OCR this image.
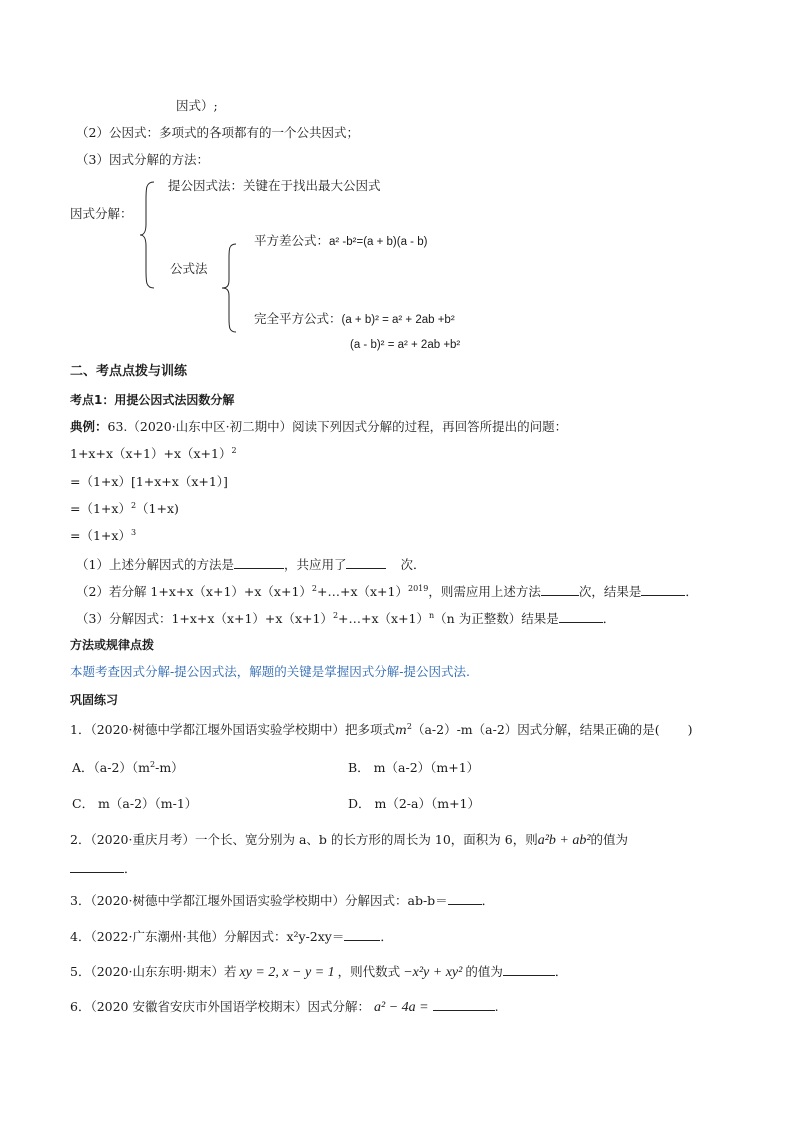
因式）;
（2）公因式：多项式的各项都有的一个公共因式；
（3）因式分解的方法：
因式分解：
提公因式法：关键在于找出最大公因式
公式法
平方差公式：a² -b²=(a + b)(a - b)
完全平方公式：(a + b)² = a² + 2ab +b²
(a - b)² = a² + 2ab +b²
二、考点点拨与训练
考点1：用提公因式法因数分解
典例：63.（2020·山东中区·初二期中）阅读下列因式分解的过程，再回答所提出的问题：
$1+x+x(x+1)+x(x+1)^2$
=（1+x）[1+x+x（x+1）]
$=(1+x)^2(1+x)$
$=(1+x)^3$
（1）上述分解因式的方法是	，共应用了	次．
（2）若分解 $1+x+x(x+1)+x(x+1)^2+\dots+x(x+1)^{2019}$，则需应用上述方法	次，结果是	．
（3）分解因式：$1+x+x(x+1)+x(x+1)^2+\dots+x(x+1)^n(n$ 为正整数）结果是	．
方法或规律点拨
本题考查因式分解-提公因式法，解题的关键是掌握因式分解-提公因式法.
巩固练习
1．（2020·树德中学都江堰外国语实验学校期中）把多项式$m^2(a-2)-m(a-2)$因式分解，结果正确的是( )
A．$(a-2)(m^2-m)$	B． m（a-2）（m+1）
C． m（a-2）（m-1）	D． m（2-a）（m+1）
2．（2020·重庆月考）一个长、宽分别为 a、b 的长方形的周长为 10，面积为 6，则a²b + ab²的值为
．
3．（2020·树德中学都江堰外国语实验学校期中）分解因式：ab-b＝	．
4．（2022·广东潮州·其他）分解因式：x²y-2xy＝	．
5．（2020·山东东明·期末）若 xy = 2, x − y = 1 ，则代数式 −x²y + xy² 的值为	．
6．（2020 安徽省安庆市外国语学校期末）因式分解： a² − 4a =	.
